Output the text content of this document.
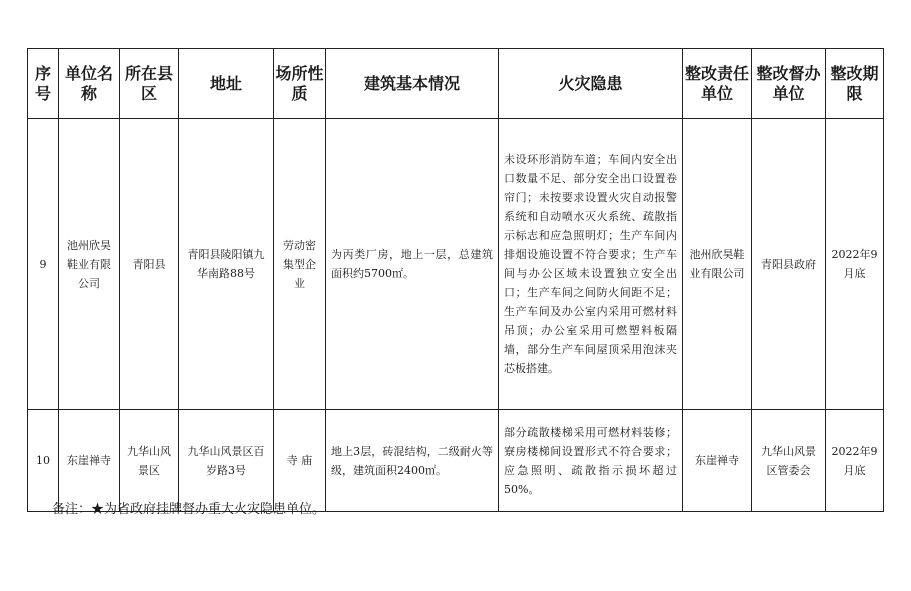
序号	单位名称	所在县区	地址	场所性质	建筑基本情况	火灾隐患	整改责任单位	整改督办单位	整改期限
9	池州欣昊鞋业有限公司	青阳县	青阳县陵阳镇九华南路88号	劳动密集型企业	为丙类厂房，地上一层，总建筑面积约5700㎡。	未设环形消防车道；车间内安全出口数量不足、部分安全出口设置卷帘门；未按要求设置火灾自动报警系统和自动喷水灭火系统、疏散指示标志和应急照明灯；生产车间内排烟设施设置不符合要求；生产车间与办公区域未设置独立安全出口；生产车间之间防火间距不足；生产车间及办公室内采用可燃材料吊顶；办公室采用可燃塑料板隔墙，部分生产车间屋顶采用泡沫夹芯板搭建。	池州欣昊鞋业有限公司	青阳县政府	2022年9月底
10	东崖禅寺	九华山风景区	九华山风景区百岁路3号	寺 庙	地上3层，砖混结构，二级耐火等级，建筑面积2400㎡。	部分疏散楼梯采用可燃材料装修；寮房楼梯间设置形式不符合要求；应急照明、疏散指示损坏超过50%。	东崖禅寺	九华山风景区管委会	2022年9月底
备注：★为省政府挂牌督办重大火灾隐患单位。
